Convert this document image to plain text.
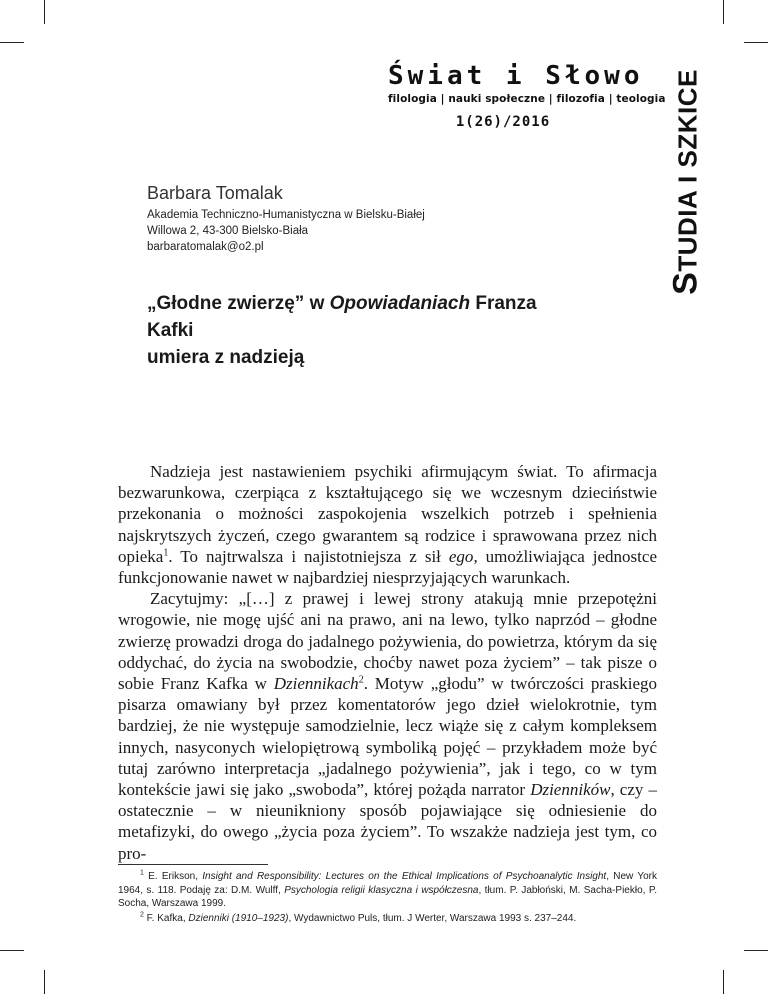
Świat i Słowo
filologia | nauki społeczne | filozofia | teologia
1(26)/2016
STUDIA I SZKICE
Barbara Tomalak
Akademia Techniczno-Humanistyczna w Bielsku-Białej
Willowa 2, 43-300 Bielsko-Biała
barbaratomalak@o2.pl
„Głodne zwierzę” w Opowiadaniach Franza Kafki
umiera z nadzieją

Nadzieja jest nastawieniem psychiki afirmującym świat. To afirmacja bezwarunkowa, czerpiąca z kształtującego się we wczesnym dzieciństwie przekonania o możności zaspokojenia wszelkich potrzeb i spełnienia najskrytszych życzeń, czego gwarantem są rodzice i sprawowana przez nich opieka$^1$. To najtrwalsza i najistotniejsza z sił ego, umożliwiająca jednostce funkcjonowanie nawet w najbardziej niesprzyjających warunkach.

Zacytujmy: „[…] z prawej i lewej strony atakują mnie przepotężni wrogowie, nie mogę ujść ani na prawo, ani na lewo, tylko naprzód – głodne zwierzę prowadzi droga do jadalnego pożywienia, do powietrza, którym da się oddychać, do życia na swobodzie, choćby nawet poza życiem” – tak pisze o sobie Franz Kafka w Dziennikach$^2$. Motyw „głodu” w twórczości praskiego pisarza omawiany był przez komentatorów jego dzieł wielokrotnie, tym bardziej, że nie występuje samodzielnie, lecz wiąże się z całym kompleksem innych, nasyconych wielopiętrową symboliką pojęć – przykładem może być tutaj zarówno interpretacja „jadalnego pożywienia”, jak i tego, co w tym kontekście jawi się jako „swoboda”, której pożąda narrator Dzienników, czy – ostatecznie – w nieunikniony sposób pojawiające się odniesienie do metafizyki, do owego „życia poza życiem”. To wszakże nadzieja jest tym, co pro-

$^1$ E. Erikson, Insight and Responsibility: Lectures on the Ethical Implications of Psychoanalytic Insight, New York 1964, s. 118. Podaję za: D.M. Wulff, Psychologia religii klasyczna i współczesna, tłum. P. Jabłoński, M. Sacha-Piekło, P. Socha, Warszawa 1999.

$^2$ F. Kafka, Dzienniki (1910–1923), Wydawnictwo Puls, tłum. J Werter, Warszawa 1993 s. 237–244.
